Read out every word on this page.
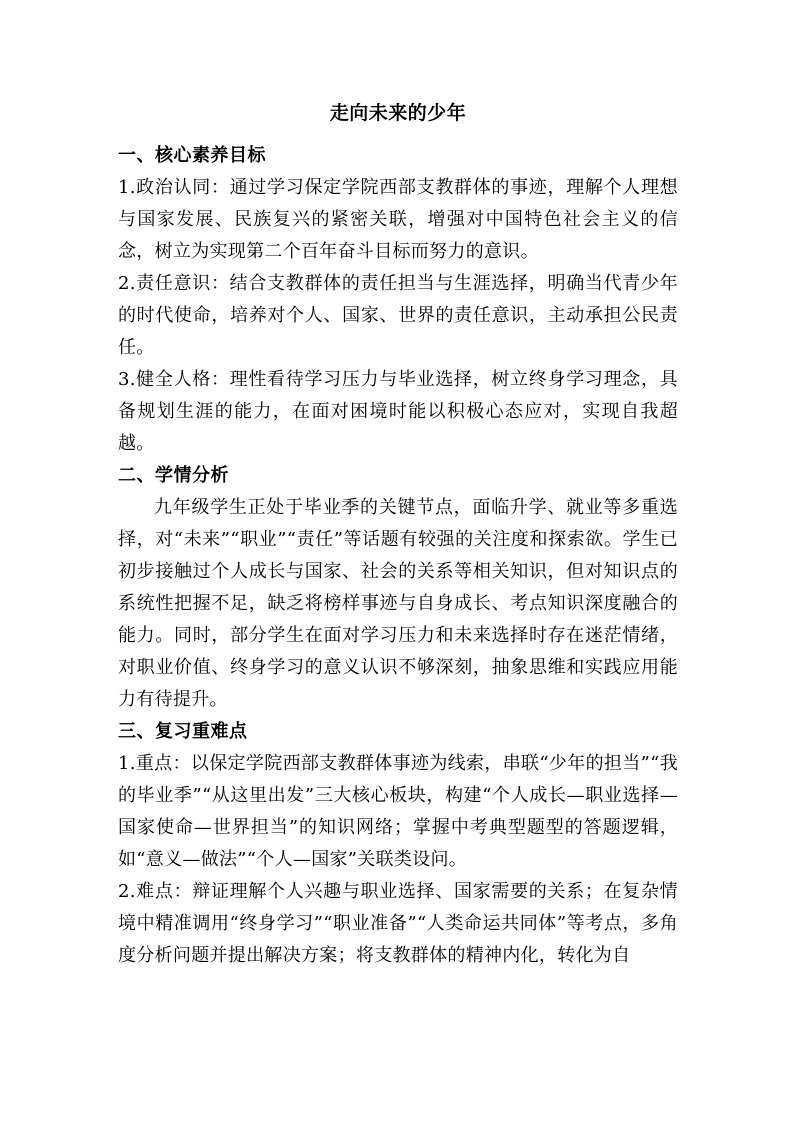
走向未来的少年
一、核心素养目标

1.政治认同：通过学习保定学院西部支教群体的事迹，理解个人理想与国家发展、民族复兴的紧密关联，增强对中国特色社会主义的信念，树立为实现第二个百年奋斗目标而努力的意识。

2.责任意识：结合支教群体的责任担当与生涯选择，明确当代青少年的时代使命，培养对个人、国家、世界的责任意识，主动承担公民责任。

3.健全人格：理性看待学习压力与毕业选择，树立终身学习理念，具备规划生涯的能力，在面对困境时能以积极心态应对，实现自我超越。

二、学情分析

九年级学生正处于毕业季的关键节点，面临升学、就业等多重选择，对“未来”“职业”“责任”等话题有较强的关注度和探索欲。学生已初步接触过个人成长与国家、社会的关系等相关知识，但对知识点的系统性把握不足，缺乏将榜样事迹与自身成长、考点知识深度融合的能力。同时，部分学生在面对学习压力和未来选择时存在迷茫情绪，对职业价值、终身学习的意义认识不够深刻，抽象思维和实践应用能力有待提升。

三、复习重难点

1.重点：以保定学院西部支教群体事迹为线索，串联“少年的担当”“我的毕业季”“从这里出发”三大核心板块，构建“个人成长—职业选择—国家使命—世界担当”的知识网络；掌握中考典型题型的答题逻辑，如“意义—做法”“个人—国家”关联类设问。

2.难点：辩证理解个人兴趣与职业选择、国家需要的关系；在复杂情境中精准调用“终身学习”“职业准备”“人类命运共同体”等考点，多角度分析问题并提出解决方案；将支教群体的精神内化，转化为自
